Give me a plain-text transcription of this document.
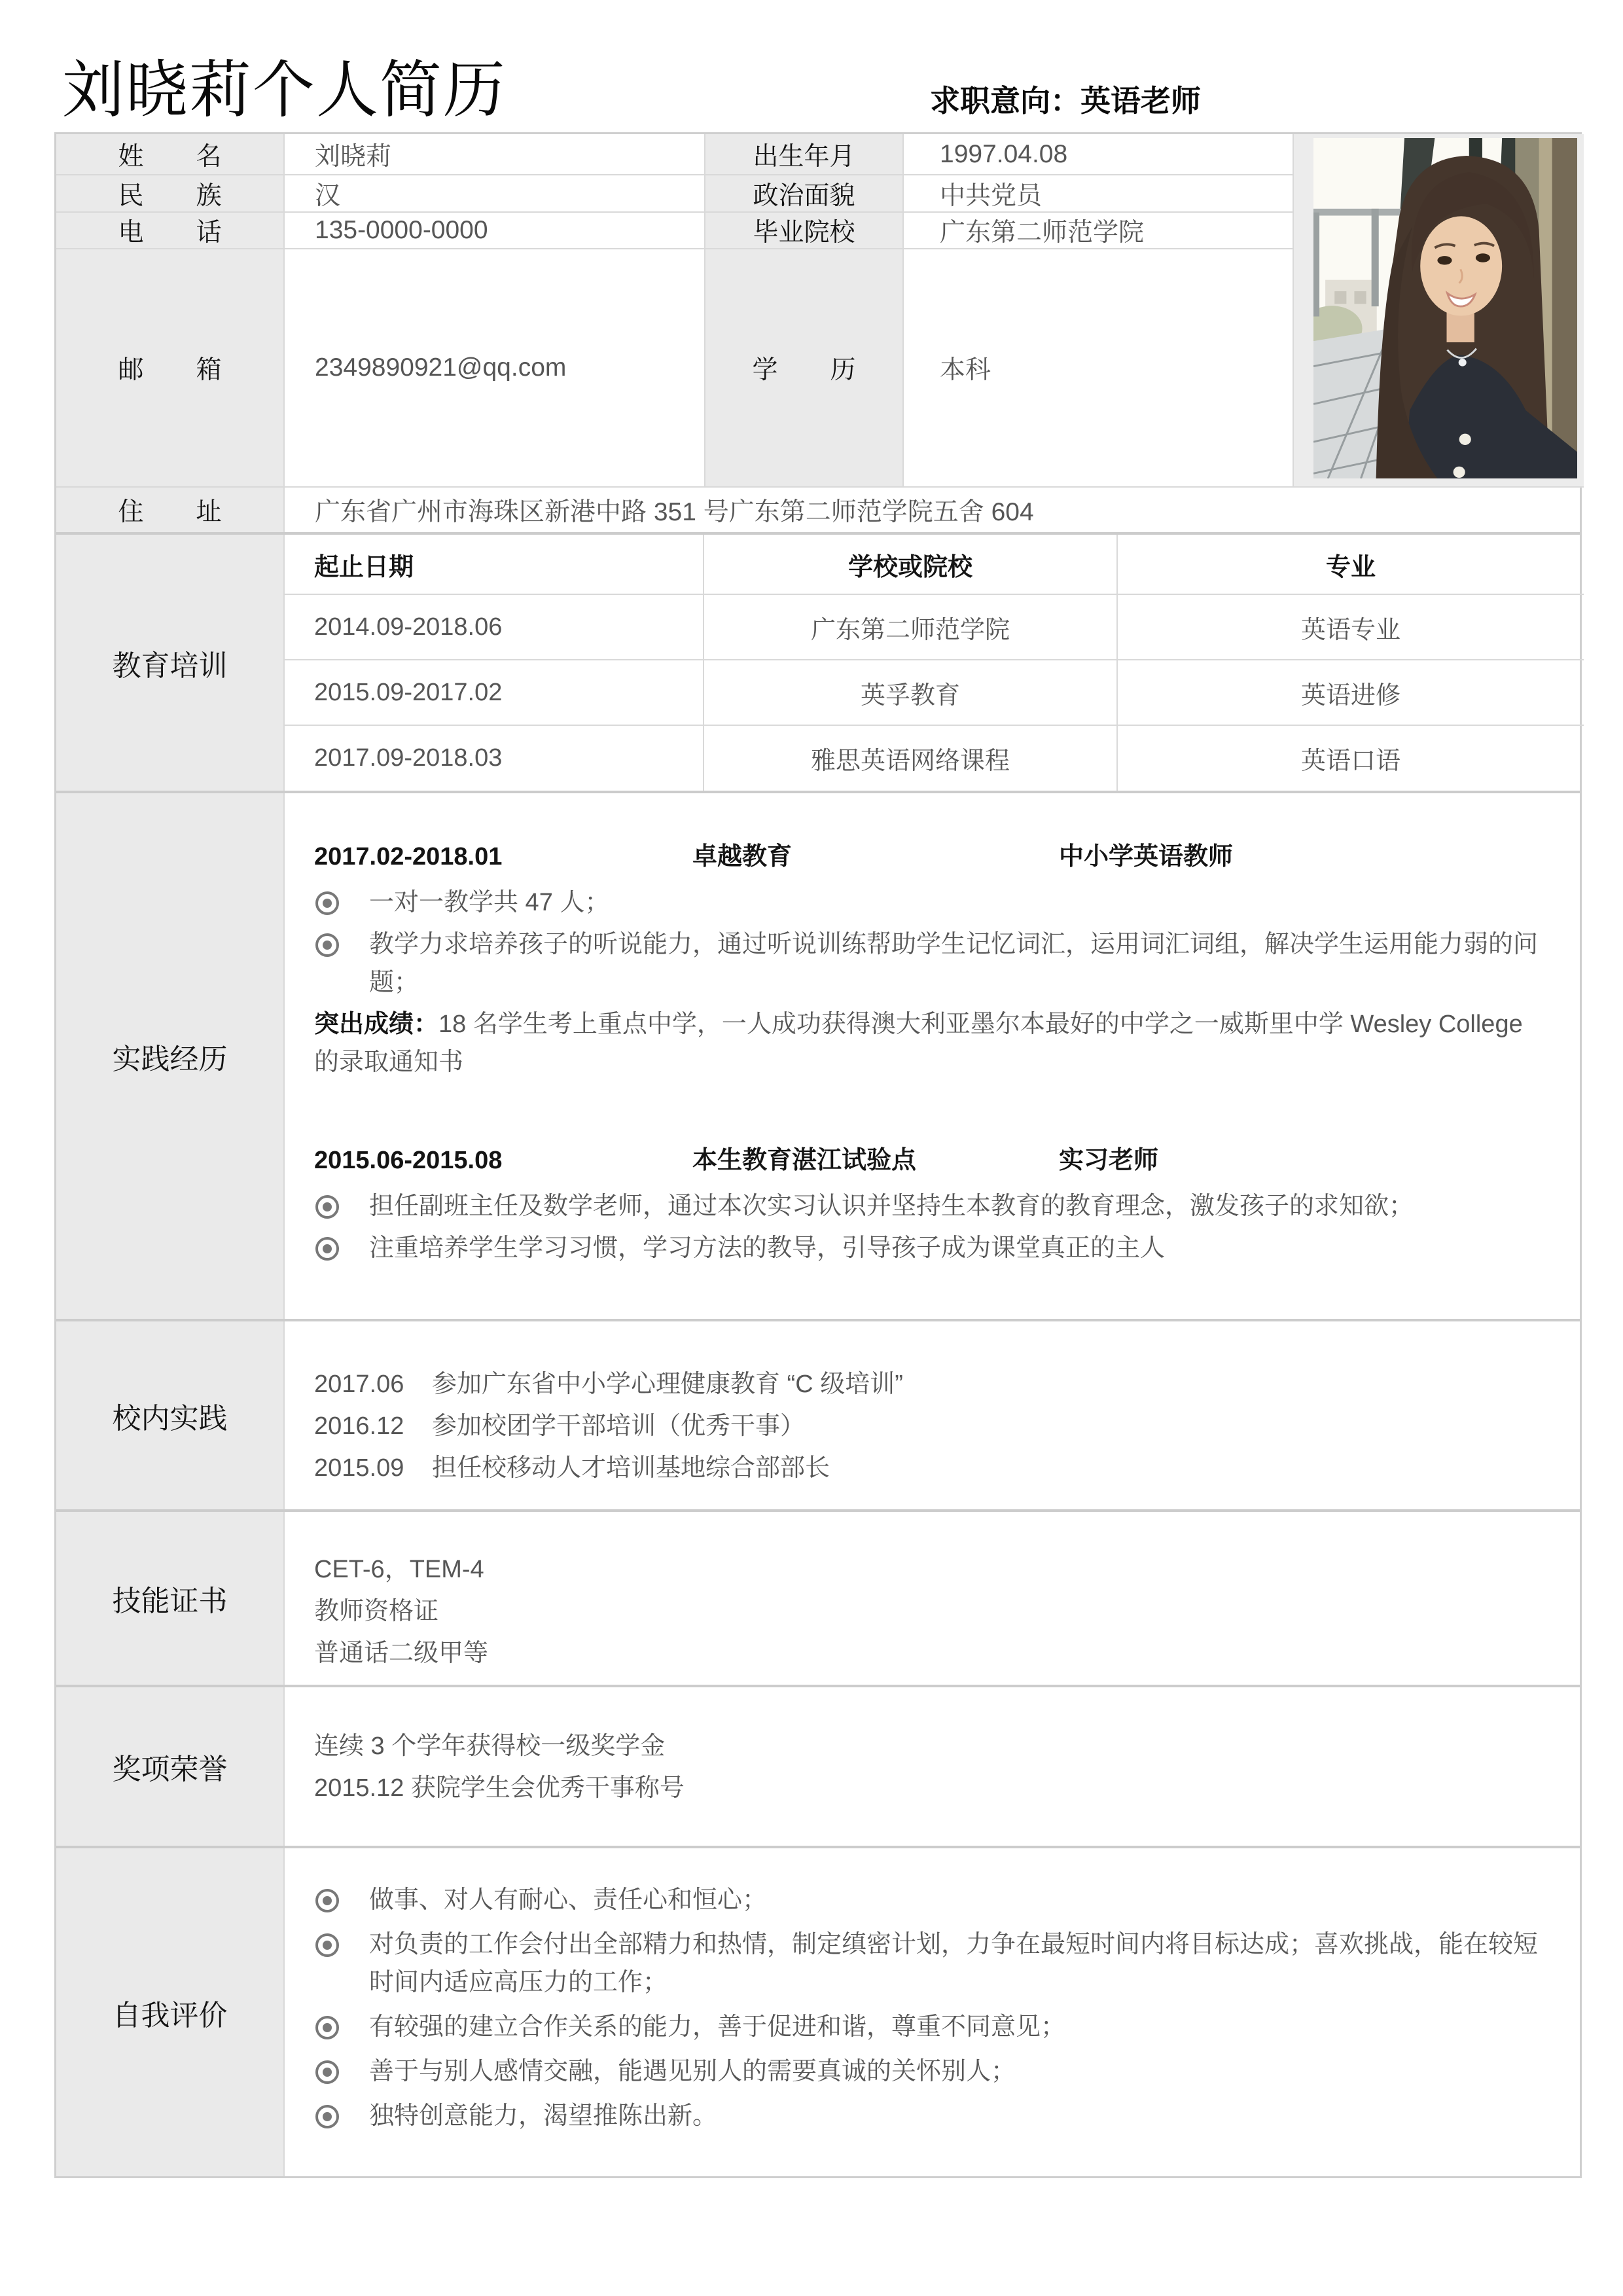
刘晓莉个人简历	求职意向：英语老师
姓名	刘晓莉	出生年月	1997.04.08
民族	汉	政治面貌	中共党员
电话	135-0000-0000	毕业院校	广东第二师范学院
邮箱	2349890921@qq.com	学历	本科
住址	广东省广州市海珠区新港中路 351 号广东第二师范学院五舍 604
教育培训
起止日期	学校或院校	专业
2014.09-2018.06	广东第二师范学院	英语专业
2015.09-2017.02	英孚教育	英语进修
2017.09-2018.03	雅思英语网络课程	英语口语
实践经历
2017.02-2018.01	卓越教育	中小学英语教师
一对一教学共 47 人；
教学力求培养孩子的听说能力，通过听说训练帮助学生记忆词汇，运用词汇词组，解决学生运用能力弱的问题；
突出成绩：18 名学生考上重点中学，一人成功获得澳大利亚墨尔本最好的中学之一威斯里中学 Wesley College 的录取通知书
2015.06-2015.08	本生教育湛江试验点	实习老师
担任副班主任及数学老师，通过本次实习认识并坚持生本教育的教育理念，激发孩子的求知欲；
注重培养学生学习习惯，学习方法的教导，引导孩子成为课堂真正的主人
校内实践
2017.06	参加广东省中小学心理健康教育 “C 级培训”
2016.12	参加校团学干部培训（优秀干事）
2015.09	担任校移动人才培训基地综合部部长
技能证书
CET-6，TEM-4
教师资格证
普通话二级甲等
奖项荣誉
连续 3 个学年获得校一级奖学金
2015.12 获院学生会优秀干事称号
自我评价
做事、对人有耐心、责任心和恒心；
对负责的工作会付出全部精力和热情，制定缜密计划，力争在最短时间内将目标达成；喜欢挑战，能在较短时间内适应高压力的工作；
有较强的建立合作关系的能力，善于促进和谐，尊重不同意见；
善于与别人感情交融，能遇见别人的需要真诚的关怀别人；
独特创意能力，渴望推陈出新。
